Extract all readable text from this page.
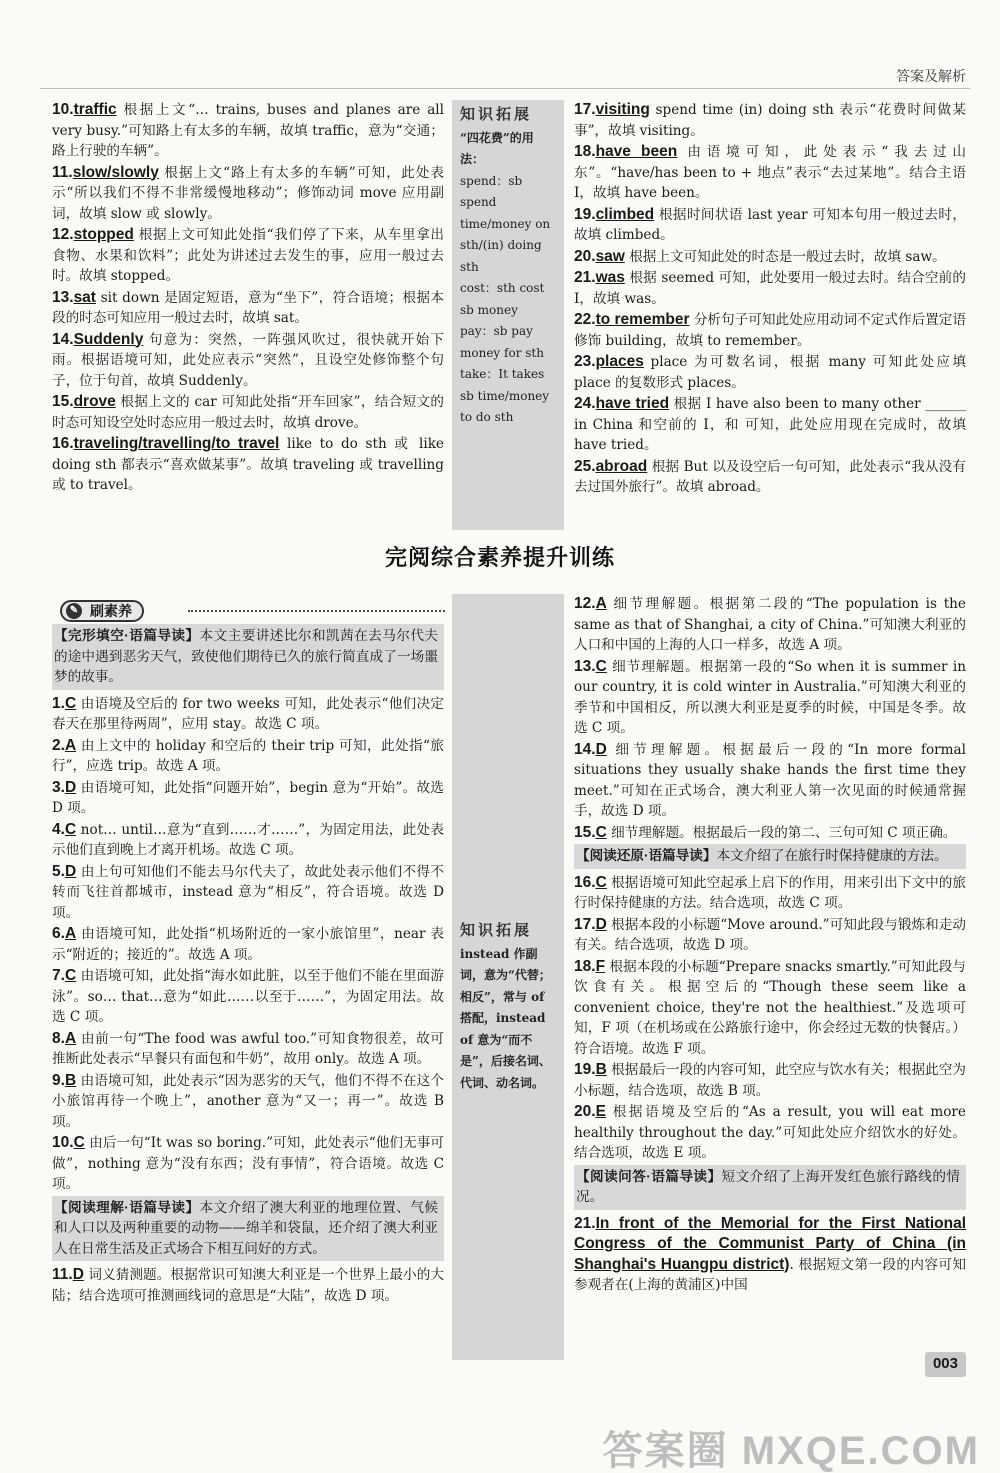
答案及解析

10.traffic 根据上文“… trains, buses and planes are all very busy.”可知路上有太多的车辆，故填 traffic，意为“交通；路上行驶的车辆”。

11.slow/slowly 根据上文“路上有太多的车辆”可知，此处表示“所以我们不得不非常缓慢地移动”；修饰动词 move 应用副词，故填 slow 或 slowly。

12.stopped 根据上文可知此处指“我们停了下来，从车里拿出食物、水果和饮料”；此处为讲述过去发生的事，应用一般过去时。故填 stopped。

13.sat sit down 是固定短语，意为“坐下”，符合语境；根据本段的时态可知应用一般过去时，故填 sat。

14.Suddenly 句意为：突然，一阵强风吹过，很快就开始下雨。根据语境可知，此处应表示“突然”，且设空处修饰整个句子，位于句首，故填 Suddenly。

15.drove 根据上文的 car 可知此处指“开车回家”，结合短文的时态可知设空处时态应用一般过去时，故填 drove。

16.traveling/travelling/to travel like to do sth 或 like doing sth 都表示“喜欢做某事”。故填 traveling 或 travelling 或 to travel。

知识拓展
“四花费”的用法：
spend：sb spend time/money on sth/(in) doing sth
cost：sth cost sb money
pay：sb pay money for sth
take：It takes sb time/money to do sth

17.visiting spend time (in) doing sth 表示“花费时间做某事”，故填 visiting。

18.have been 由语境可知，此处表示“我去过山东”。“have/has been to + 地点”表示“去过某地”。结合主语 I，故填 have been。

19.climbed 根据时间状语 last year 可知本句用一般过去时，故填 climbed。

20.saw 根据上文可知此处的时态是一般过去时，故填 saw。

21.was 根据 seemed 可知，此处要用一般过去时。结合空前的 I，故填 was。

22.to remember 分析句子可知此处应用动词不定式作后置定语修饰 building，故填 to remember。

23.places place 为可数名词，根据 many 可知此处应填 place 的复数形式 places。

24.have tried 根据 I have also been to many other ______ in China 和空前的 I，和 可知，此处应用现在完成时，故填 have tried。

25.abroad 根据 But 以及设空后一句可知，此处表示“我从没有去过国外旅行”。故填 abroad。

完阅综合素养提升训练
✎ 刷素养

【完形填空·语篇导读】本文主要讲述比尔和凯茜在去马尔代夫的途中遇到恶劣天气，致使他们期待已久的旅行简直成了一场噩梦的故事。

1.C 由语境及空后的 for two weeks 可知，此处表示“他们决定春天在那里待两周”，应用 stay。故选 C 项。

2.A 由上文中的 holiday 和空后的 their trip 可知，此处指“旅行”，应选 trip。故选 A 项。

3.D 由语境可知，此处指“问题开始”，begin 意为“开始”。故选 D 项。

4.C not… until…意为“直到……才……”，为固定用法，此处表示他们直到晚上才离开机场。故选 C 项。

5.D 由上句可知他们不能去马尔代夫了，故此处表示他们不得不转而飞往首都城市，instead 意为“相反”，符合语境。故选 D 项。

6.A 由语境可知，此处指“机场附近的一家小旅馆里”，near 表示“附近的；接近的”。故选 A 项。

7.C 由语境可知，此处指“海水如此脏，以至于他们不能在里面游泳”。so… that…意为“如此……以至于……”，为固定用法。故选 C 项。

8.A 由前一句“The food was awful too.”可知食物很差，故可推断此处表示“早餐只有面包和牛奶”，故用 only。故选 A 项。

9.B 由语境可知，此处表示“因为恶劣的天气，他们不得不在这个小旅馆再待一个晚上”，another 意为“又一；再一”。故选 B 项。

10.C 由后一句“It was so boring.”可知，此处表示“他们无事可做”，nothing 意为“没有东西；没有事情”，符合语境。故选 C 项。

【阅读理解·语篇导读】本文介绍了澳大利亚的地理位置、气候和人口以及两种重要的动物——绵羊和袋鼠，还介绍了澳大利亚人在日常生活及正式场合下相互问好的方式。

11.D 词义猜测题。根据常识可知澳大利亚是一个世界上最小的大陆；结合选项可推测画线词的意思是“大陆”，故选 D 项。

知识拓展
instead 作副词，意为“代替；相反”，常与 of 搭配，instead of 意为“而不是”，后接名词、代词、动名词。

12.A 细节理解题。根据第二段的“The population is the same as that of Shanghai, a city of China.”可知澳大利亚的人口和中国的上海的人口一样多，故选 A 项。

13.C 细节理解题。根据第一段的“So when it is summer in our country, it is cold winter in Australia.”可知澳大利亚的季节和中国相反，所以澳大利亚是夏季的时候，中国是冬季。故选 C 项。

14.D 细节理解题。根据最后一段的“In more formal situations they usually shake hands the first time they meet.”可知在正式场合，澳大利亚人第一次见面的时候通常握手，故选 D 项。

15.C 细节理解题。根据最后一段的第二、三句可知 C 项正确。

【阅读还原·语篇导读】本文介绍了在旅行时保持健康的方法。

16.C 根据语境可知此空起承上启下的作用，用来引出下文中的旅行时保持健康的方法。结合选项，故选 C 项。

17.D 根据本段的小标题“Move around.”可知此段与锻炼和走动有关。结合选项，故选 D 项。

18.F 根据本段的小标题“Prepare snacks smartly.”可知此段与饮食有关。根据空后的“Though these seem like a convenient choice, they're not the healthiest.”及选项可知，F 项（在机场或在公路旅行途中，你会经过无数的快餐店。）符合语境。故选 F 项。

19.B 根据最后一段的内容可知，此空应与饮水有关；根据此空为小标题，结合选项，故选 B 项。

20.E 根据语境及空后的“As a result, you will eat more healthily throughout the day.”可知此处应介绍饮水的好处。结合选项，故选 E 项。

【阅读问答·语篇导读】短文介绍了上海开发红色旅行路线的情况。

21.In front of the Memorial for the First National Congress of the Communist Party of China (in Shanghai's Huangpu district). 根据短文第一段的内容可知参观者在(上海的黄浦区)中国

003
答案圈 MXQE.COM
